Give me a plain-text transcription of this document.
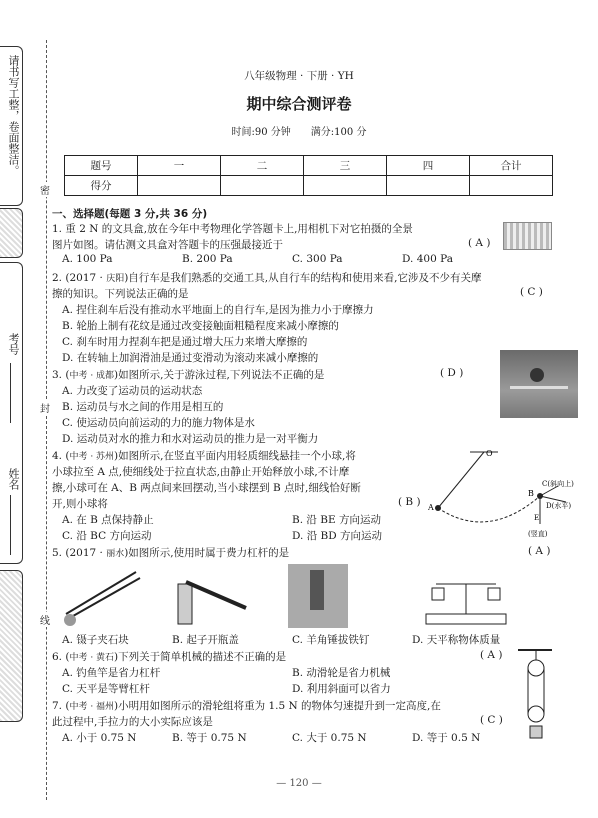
请书写工整，卷面整洁。
考号
姓名
密
封
线
八年级物理 · 下册 · YH
期中综合测评卷
时间:90 分钟　　满分:100 分
题号	一	二	三	四	合计
得分					
一、选择题(每题 3 分,共 36 分)
1. 重 2 N 的文具盒,放在今年中考物理化学答题卡上,用相机下对它拍摄的全景
图片如图。请估测文具盒对答题卡的压强最接近于	( A )
A. 100 Pa	B. 200 Pa	C. 300 Pa	D. 400 Pa
2. (2017 · 庆阳)自行车是我们熟悉的交通工具,从自行车的结构和使用来看,它涉及不少有关摩
擦的知识。下列说法正确的是	( C )
A. 捏住刹车后没有推动水平地面上的自行车,是因为推力小于摩擦力
B. 轮胎上制有花纹是通过改变接触面粗糙程度来减小摩擦的
C. 刹车时用力捏刹车把是通过增大压力来增大摩擦的
D. 在转轴上加润滑油是通过变滑动为滚动来减小摩擦的
3. (中考 · 成都)如图所示,关于游泳过程,下列说法不正确的是	( D )
A. 力改变了运动员的运动状态
B. 运动员与水之间的作用是相互的
C. 使运动员向前运动的力的施力物体是水
D. 运动员对水的推力和水对运动员的推力是一对平衡力
4. (中考 · 苏州)如图所示,在竖直平面内用轻质细线悬挂一个小球,将
小球拉至 A 点,使细线处于拉直状态,由静止开始释放小球,不计摩
擦,小球可在 A、B 两点间来回摆动,当小球摆到 B 点时,细线恰好断
开,则小球将	( B )
O
A
B
C(斜向上)
D(水平)
E
(竖直)
A. 在 B 点保持静止	B. 沿 BE 方向运动
C. 沿 BC 方向运动	D. 沿 BD 方向运动
5. (2017 · 丽水)如图所示,使用时属于费力杠杆的是	( A )
A. 镊子夹石块	B. 起子开瓶盖	C. 羊角锤拔铁钉	D. 天平称物体质量
6. (中考 · 黄石)下列关于简单机械的描述不正确的是	( A )
A. 钓鱼竿是省力杠杆	B. 动滑轮是省力机械
C. 天平是等臂杠杆	D. 利用斜面可以省力
7. (中考 · 福州)小明用如图所示的滑轮组将重为 1.5 N 的物体匀速提升到一定高度,在
此过程中,手拉力的大小实际应该是	( C )
A. 小于 0.75 N	B. 等于 0.75 N	C. 大于 0.75 N	D. 等于 0.5 N
— 120 —
